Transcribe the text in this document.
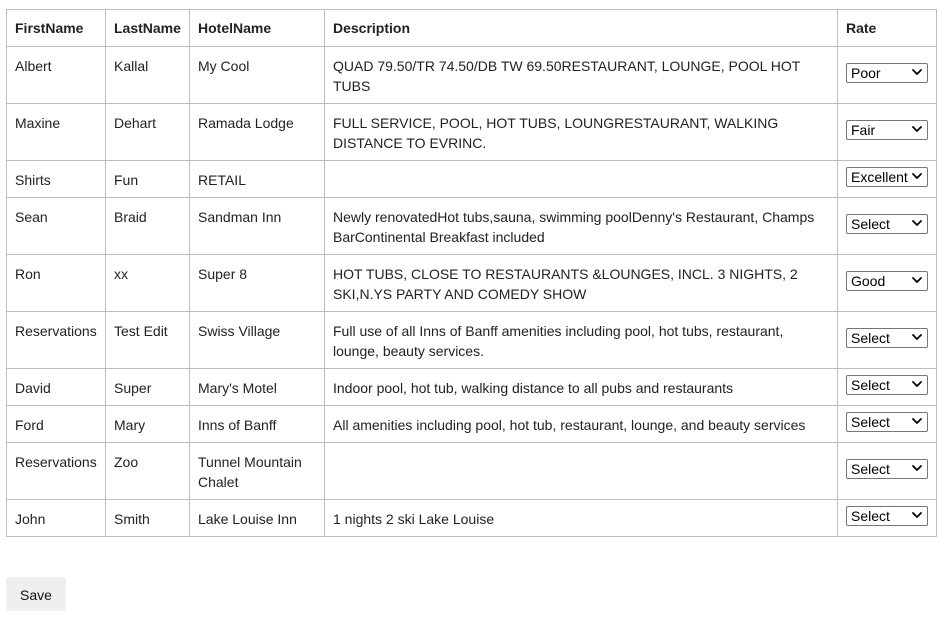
FirstName	LastName	HotelName	Description	Rate
Albert	Kallal	My Cool	QUAD 79.50/TR 74.50/DB TW 69.50RESTAURANT, LOUNGE, POOL HOT TUBS	Poor

Maxine	Dehart	Ramada Lodge	FULL SERVICE, POOL, HOT TUBS, LOUNGRESTAURANT, WALKING DISTANCE TO EVRINC.	Fair

Shirts	Fun	RETAIL		Excellent

Sean	Braid	Sandman Inn	Newly renovatedHot tubs,sauna, swimming poolDenny's Restaurant, Champs BarContinental Breakfast included	Select

Ron	xx	Super 8	HOT TUBS, CLOSE TO RESTAURANTS &LOUNGES, INCL. 3 NIGHTS, 2 SKI,N.YS PARTY AND COMEDY SHOW	Good

Reservations	Test Edit	Swiss Village	Full use of all Inns of Banff amenities including pool, hot tubs, restaurant, lounge, beauty services.	Select

David	Super	Mary's Motel	Indoor pool, hot tub, walking distance to all pubs and restaurants	Select

Ford	Mary	Inns of Banff	All amenities including pool, hot tub, restaurant, lounge, and beauty services	Select

Reservations	Zoo	Tunnel Mountain Chalet		Select

John	Smith	Lake Louise Inn	1 nights 2 ski Lake Louise	Select
Save
